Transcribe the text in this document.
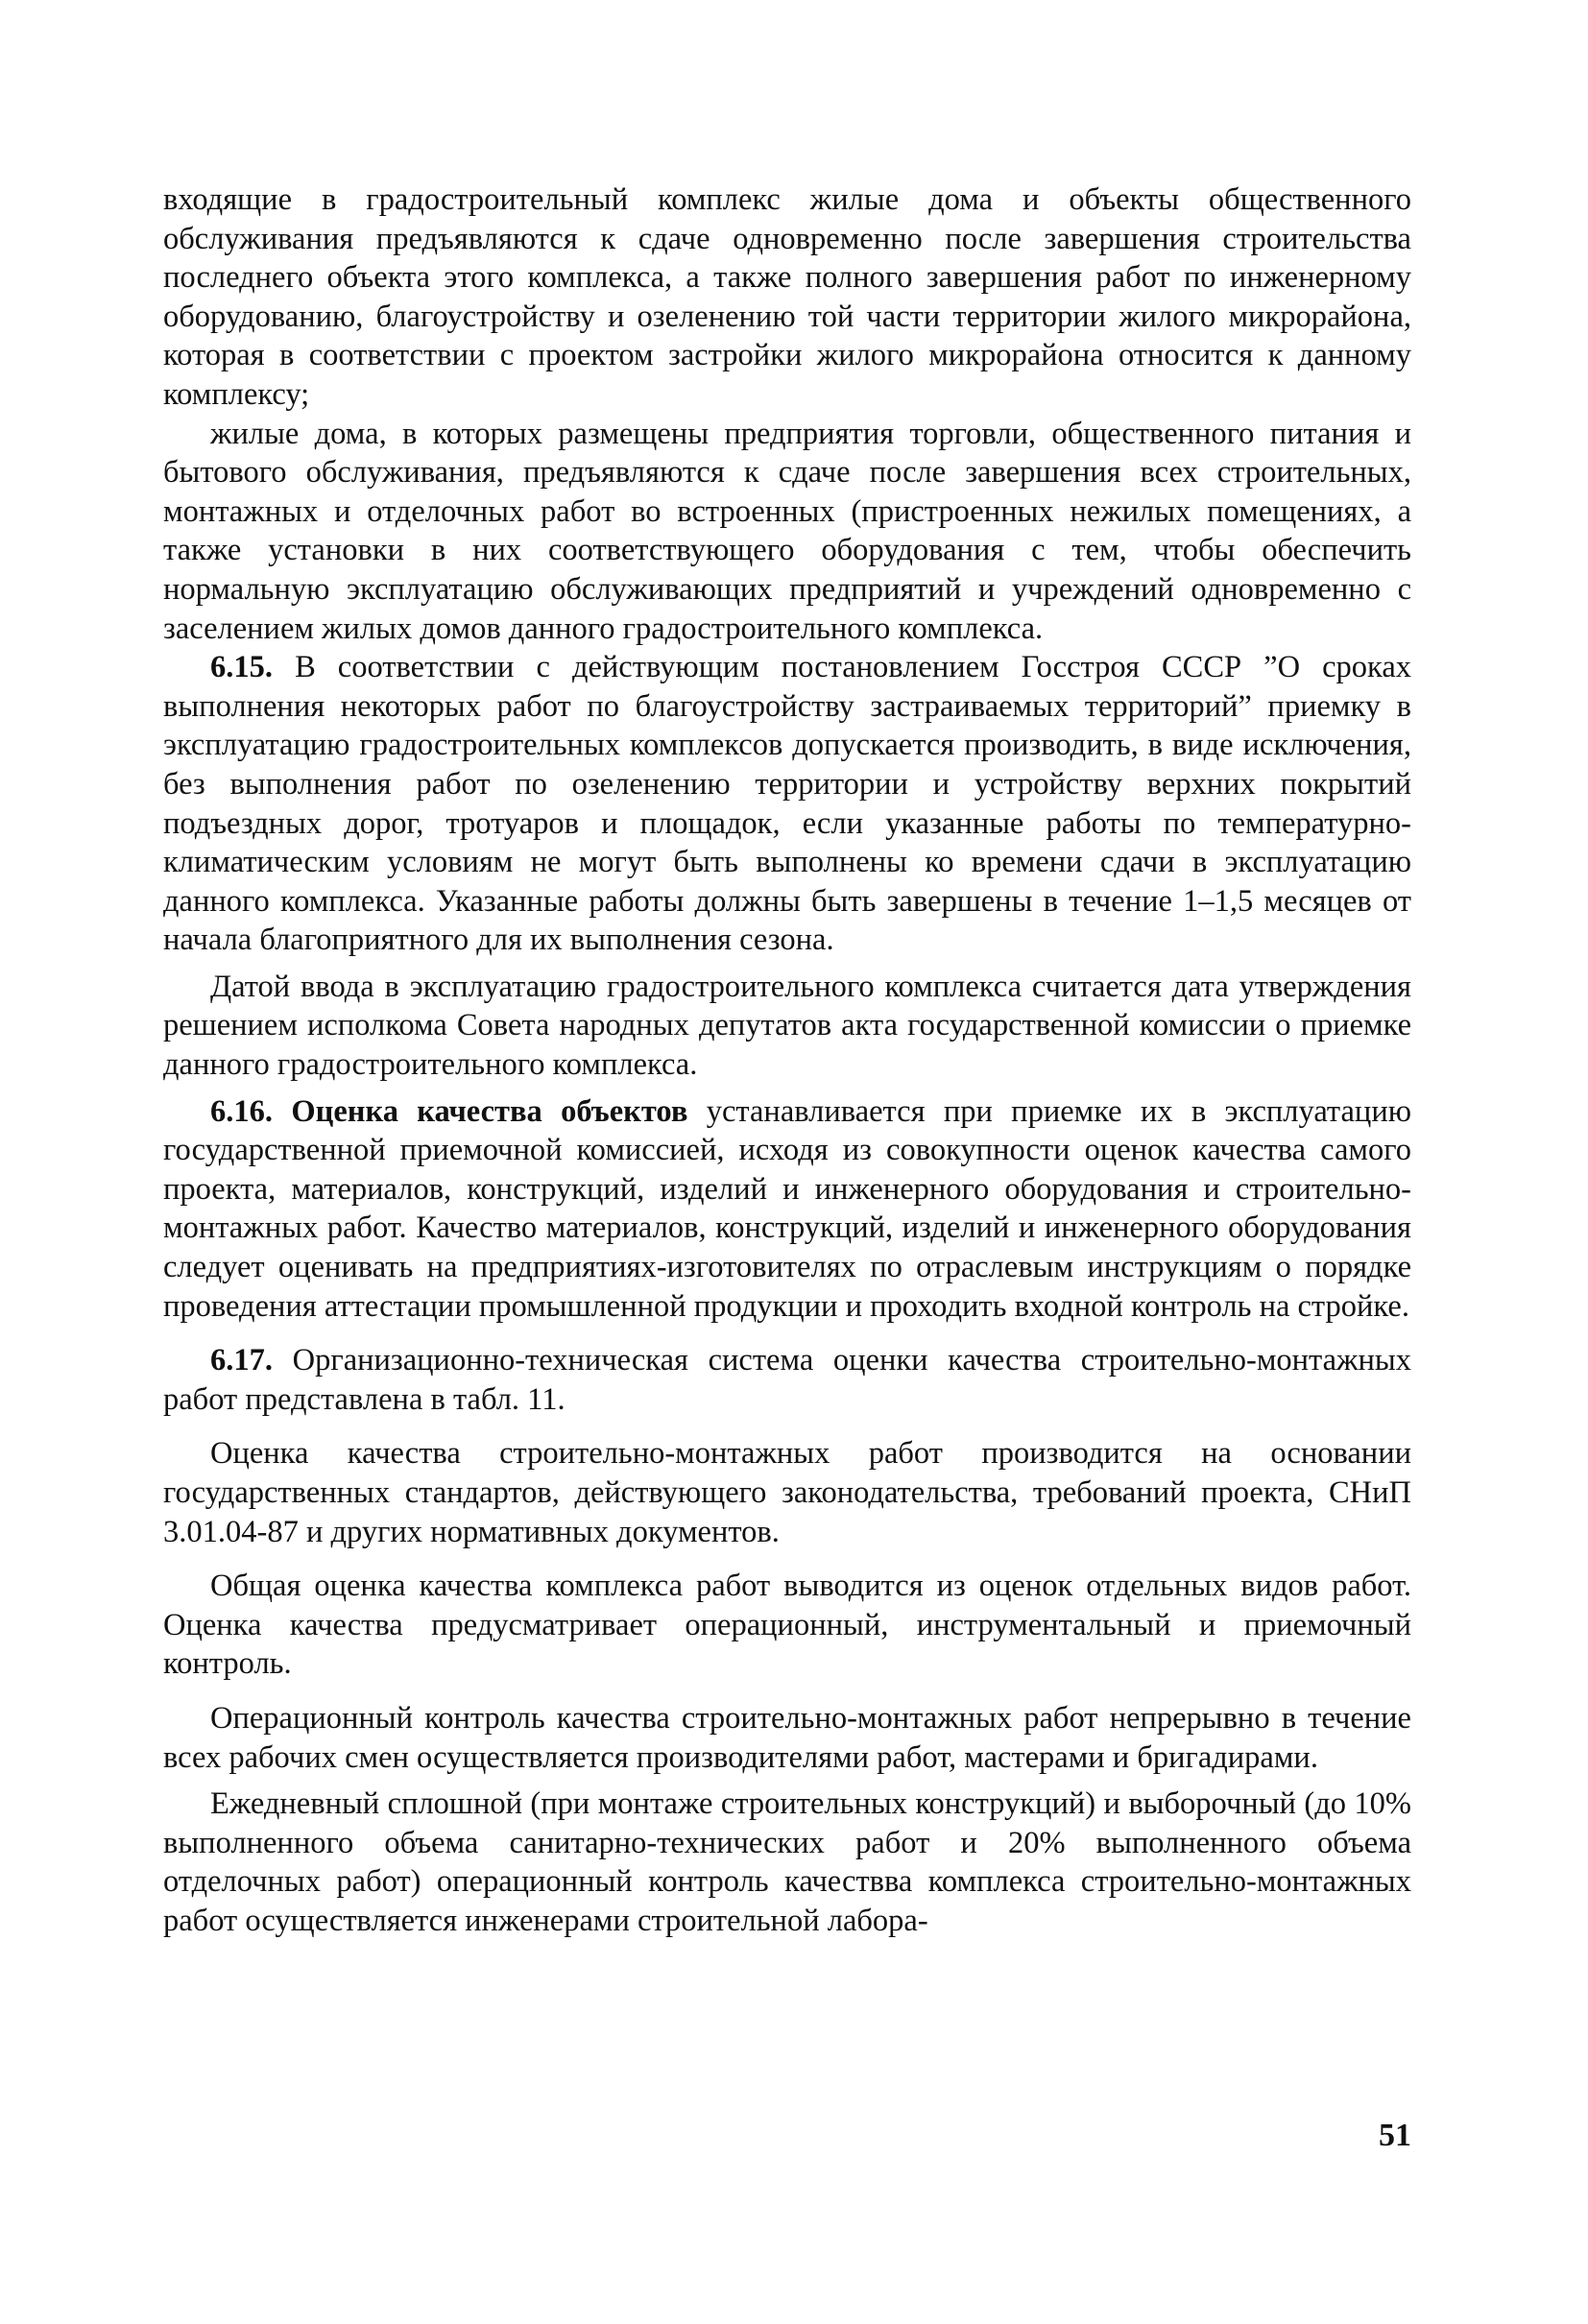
входящие в градостроительный комплекс жилые дома и объекты общественного обслуживания предъявляются к сдаче одновременно после завершения строительства последнего объекта этого комплекса, а также полного завершения работ по инженерному оборудованию, благоустройству и озеленению той части территории жилого микрорайона, которая в соответствии с проектом застройки жилого микрорайона относится к данному комплексу;

жилые дома, в которых размещены предприятия торговли, общественного питания и бытового обслуживания, предъявляются к сдаче после завершения всех строительных, монтажных и отделочных работ во встроенных (пристроенных нежилых помещениях, а также установки в них соответствующего оборудования с тем, чтобы обеспечить нормальную эксплуатацию обслуживающих предприятий и учреждений одновременно с заселением жилых домов данного градостроительного комплекса.

6.15. В соответствии с действующим постановлением Госстроя СССР ”О сроках выполнения некоторых работ по благоустройству застраиваемых территорий” приемку в эксплуатацию градостроительных комплексов допускается производить, в виде исключения, без выполнения работ по озеленению территории и устройству верхних покрытий подъездных дорог, тротуаров и площадок, если указанные работы по температурно-климатическим условиям не могут быть выполнены ко времени сдачи в эксплуатацию данного комплекса. Указанные работы должны быть завершены в течение 1–1,5 месяцев от начала благоприятного для их выполнения сезона.

Датой ввода в эксплуатацию градостроительного комплекса считается дата утверждения решением исполкома Совета народных депутатов акта государственной комиссии о приемке данного градостроительного комплекса.

6.16. Оценка качества объектов устанавливается при приемке их в эксплуатацию государственной приемочной комиссией, исходя из совокупности оценок качества самого проекта, материалов, конструкций, изделий и инженерного оборудования и строительно-монтажных работ. Качество материалов, конструкций, изделий и инженерного оборудования следует оценивать на предприятиях-изготовителях по отраслевым инструкциям о порядке проведения аттестации промышленной продукции и проходить входной контроль на стройке.

6.17. Организационно-техническая система оценки качества строительно-монтажных работ представлена в табл. 11.

Оценка качества строительно-монтажных работ производится на основании государственных стандартов, действующего законодательства, требований проекта, СНиП 3.01.04-87 и других нормативных документов.

Общая оценка качества комплекса работ выводится из оценок отдельных видов работ. Оценка качества предусматривает операционный, инструментальный и приемочный контроль.

Операционный контроль качества строительно-монтажных работ непрерывно в течение всех рабочих смен осуществляется производителями работ, мастерами и бригадирами.

Ежедневный сплошной (при монтаже строительных конструкций) и выборочный (до 10% выполненного объема санитарно-технических работ и 20% выполненного объема отделочных работ) операционный контроль качествва комплекса строительно-монтажных работ осуществляется инженерами строительной лабора-

51
